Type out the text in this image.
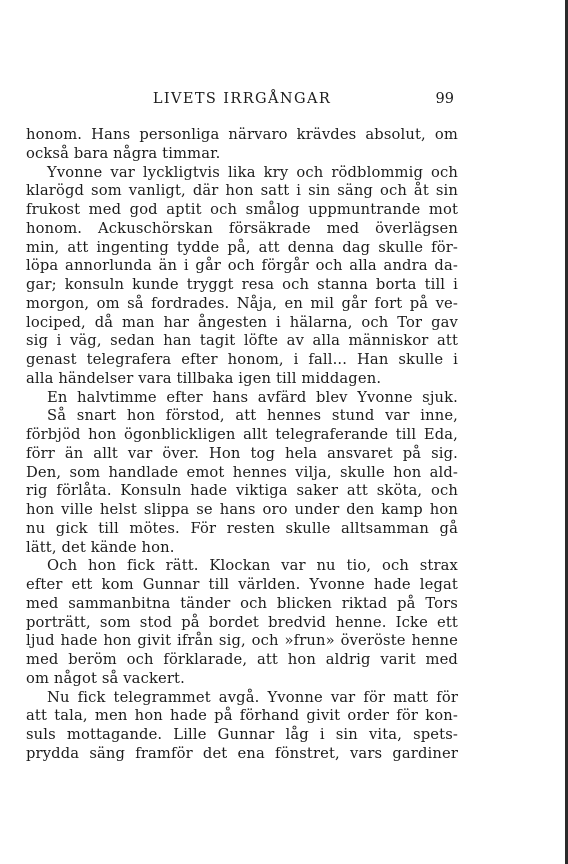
LIVETS IRRGÅNGAR	99
honom. Hans personliga närvaro krävdes absolut, om
också bara några timmar.
Yvonne var lyckligtvis lika kry och rödblommig och
klarögd som vanligt, där hon satt i sin säng och åt sin
frukost med god aptit och smålog uppmuntrande mot
honom. Ackuschörskan försäkrade med överlägsen
min, att ingenting tydde på, att denna dag skulle för-
löpa annorlunda än i går och förgår och alla andra da-
gar; konsuln kunde tryggt resa och stanna borta till i
morgon, om så fordrades. Nåja, en mil går fort på ve-
lociped, då man har ångesten i hälarna, och Tor gav
sig i väg, sedan han tagit löfte av alla människor att
genast telegrafera efter honom, i fall... Han skulle i
alla händelser vara tillbaka igen till middagen.
En halvtimme efter hans avfärd blev Yvonne sjuk.
Så snart hon förstod, att hennes stund var inne,
förbjöd hon ögonblickligen allt telegraferande till Eda,
förr än allt var över. Hon tog hela ansvaret på sig.
Den, som handlade emot hennes vilja, skulle hon ald-
rig förlåta. Konsuln hade viktiga saker att sköta, och
hon ville helst slippa se hans oro under den kamp hon
nu gick till mötes. För resten skulle alltsamman gå
lätt, det kände hon.
Och hon fick rätt. Klockan var nu tio, och strax
efter ett kom Gunnar till världen. Yvonne hade legat
med sammanbitna tänder och blicken riktad på Tors
porträtt, som stod på bordet bredvid henne. Icke ett
ljud hade hon givit ifrån sig, och »frun» överöste henne
med beröm och förklarade, att hon aldrig varit med
om något så vackert.
Nu fick telegrammet avgå. Yvonne var för matt för
att tala, men hon hade på förhand givit order för kon-
suls mottagande. Lille Gunnar låg i sin vita, spets-
prydda säng framför det ena fönstret, vars gardiner
